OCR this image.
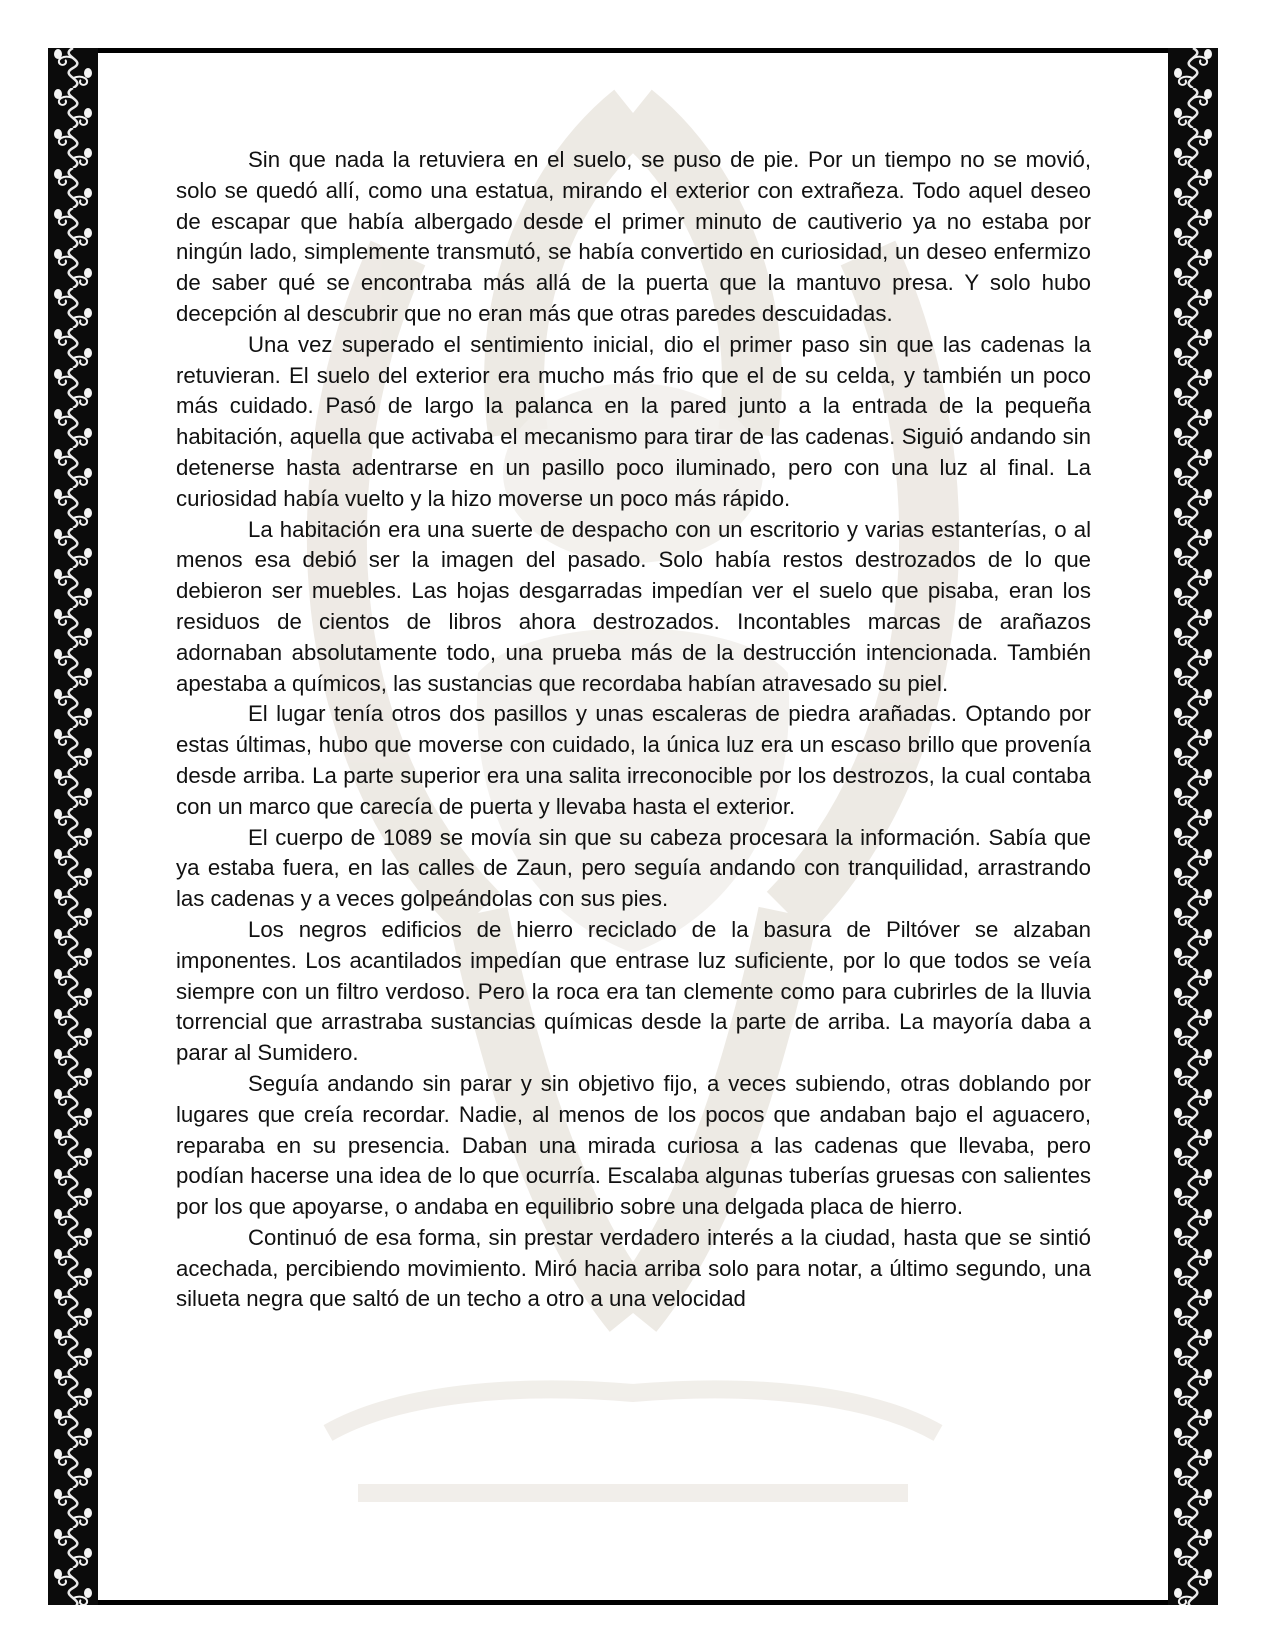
Sin que nada la retuviera en el suelo, se puso de pie. Por un tiempo no se movió, solo se quedó allí, como una estatua, mirando el exterior con extrañeza. Todo aquel deseo de escapar que había albergado desde el primer minuto de cautiverio ya no estaba por ningún lado, simplemente transmutó, se había convertido en curiosidad, un deseo enfermizo de saber qué se encontraba más allá de la puerta que la mantuvo presa. Y solo hubo decepción al descubrir que no eran más que otras paredes descuidadas.

Una vez superado el sentimiento inicial, dio el primer paso sin que las cadenas la retuvieran. El suelo del exterior era mucho más frio que el de su celda, y también un poco más cuidado. Pasó de largo la palanca en la pared junto a la entrada de la pequeña habitación, aquella que activaba el mecanismo para tirar de las cadenas. Siguió andando sin detenerse hasta adentrarse en un pasillo poco iluminado, pero con una luz al final. La curiosidad había vuelto y la hizo moverse un poco más rápido.

La habitación era una suerte de despacho con un escritorio y varias estanterías, o al menos esa debió ser la imagen del pasado. Solo había restos destrozados de lo que debieron ser muebles. Las hojas desgarradas impedían ver el suelo que pisaba, eran los residuos de cientos de libros ahora destrozados. Incontables marcas de arañazos adornaban absolutamente todo, una prueba más de la destrucción intencionada. También apestaba a químicos, las sustancias que recordaba habían atravesado su piel.

El lugar tenía otros dos pasillos y unas escaleras de piedra arañadas. Optando por estas últimas, hubo que moverse con cuidado, la única luz era un escaso brillo que provenía desde arriba. La parte superior era una salita irreconocible por los destrozos, la cual contaba con un marco que carecía de puerta y llevaba hasta el exterior.

El cuerpo de 1089 se movía sin que su cabeza procesara la información. Sabía que ya estaba fuera, en las calles de Zaun, pero seguía andando con tranquilidad, arrastrando las cadenas y a veces golpeándolas con sus pies.

Los negros edificios de hierro reciclado de la basura de Piltóver se alzaban imponentes. Los acantilados impedían que entrase luz suficiente, por lo que todos se veía siempre con un filtro verdoso. Pero la roca era tan clemente como para cubrirles de la lluvia torrencial que arrastraba sustancias químicas desde la parte de arriba. La mayoría daba a parar al Sumidero.

Seguía andando sin parar y sin objetivo fijo, a veces subiendo, otras doblando por lugares que creía recordar. Nadie, al menos de los pocos que andaban bajo el aguacero, reparaba en su presencia. Daban una mirada curiosa a las cadenas que llevaba, pero podían hacerse una idea de lo que ocurría. Escalaba algunas tuberías gruesas con salientes por los que apoyarse, o andaba en equilibrio sobre una delgada placa de hierro.

Continuó de esa forma, sin prestar verdadero interés a la ciudad, hasta que se sintió acechada, percibiendo movimiento. Miró hacia arriba solo para notar, a último segundo, una silueta negra que saltó de un techo a otro a una velocidad
